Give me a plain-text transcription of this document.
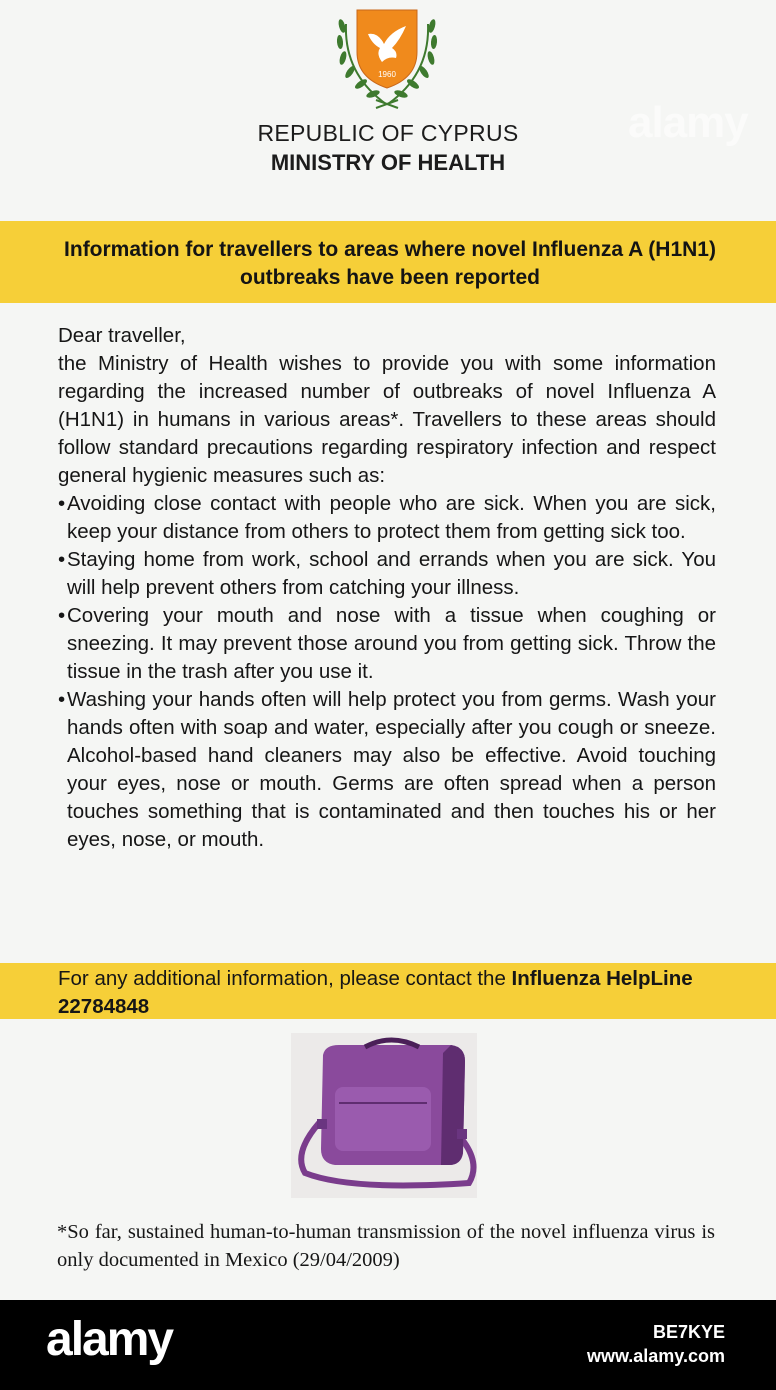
1960
REPUBLIC OF CYPRUS
MINISTRY OF HEALTH
Information for travellers to areas where novel Influenza A (H1N1) outbreaks have been reported

Dear traveller,

the Ministry of Health wishes to provide you with some information regarding the increased number of outbreaks of novel Influenza A (H1N1) in humans in various areas*. Travellers to these areas should follow standard precautions regarding respiratory infection and respect general hygienic measures such as:

• Avoiding close contact with people who are sick. When you are sick, keep your distance from others to protect them from getting sick too.
• Staying home from work, school and errands when you are sick. You will help prevent others from catching your illness.
• Covering your mouth and nose with a tissue when coughing or sneezing. It may prevent those around you from getting sick. Throw the tissue in the trash after you use it.
• Washing your hands often will help protect you from germs. Wash your hands often with soap and water, especially after you cough or sneeze. Alcohol-based hand cleaners may also be effective. Avoid touching your eyes, nose or mouth. Germs are often spread when a person touches something that is contaminated and then touches his or her eyes, nose, or mouth.
For any additional information, please contact the Influenza HelpLine 22784848
*So far, sustained human-to-human transmission of the novel influenza virus is only documented in Mexico (29/04/2009)
alamy
alamy	BE7KYE
www.alamy.com
